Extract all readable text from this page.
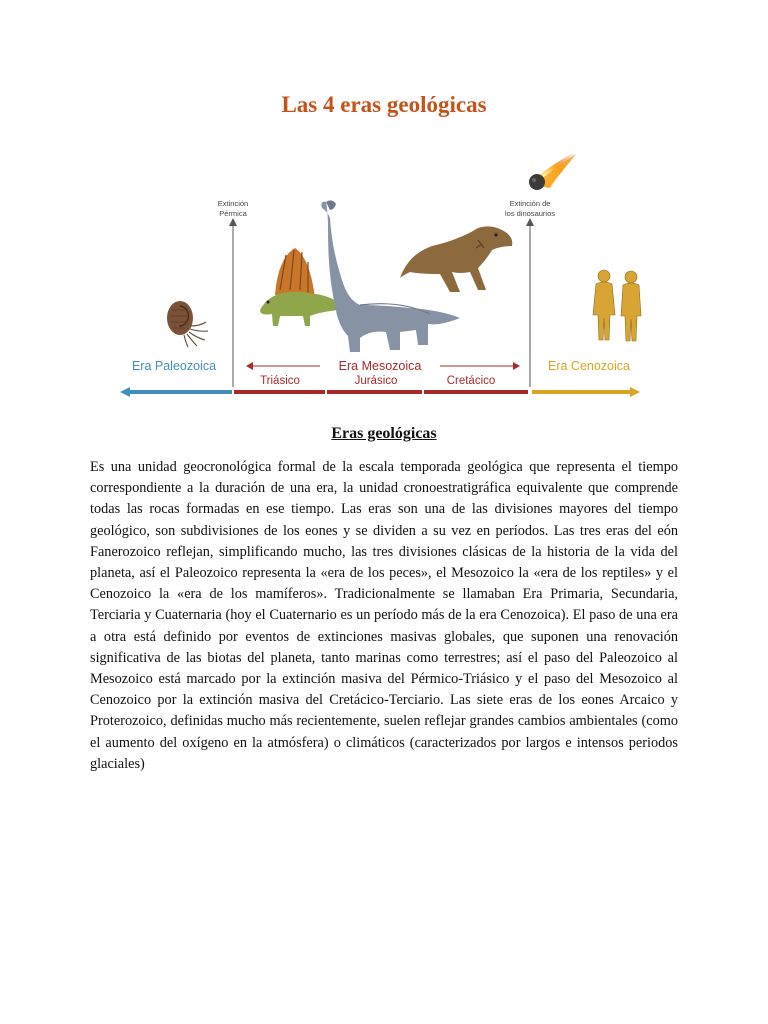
Las 4 eras geológicas
Extinción
Pérmica
Extinción de
los dinosaurios
Era Paleozoica	Era Mesozoica	Era Cenozoica
Triásico	Jurásico	Cretácico
Eras geológicas

Es una unidad geocronológica formal de la escala temporada geológica que representa el tiempo correspondiente a la duración de una era, la unidad cronoestratigráfica equivalente que comprende todas las rocas formadas en ese tiempo. Las eras son una de las divisiones mayores del tiempo geológico, son subdivisiones de los eones y se dividen a su vez en períodos. Las tres eras del eón Fanerozoico reflejan, simplificando mucho, las tres divisiones clásicas de la historia de la vida del planeta, así el Paleozoico representa la «era de los peces», el Mesozoico la «era de los reptiles» y el Cenozoico la «era de los mamíferos». Tradicionalmente se llamaban Era Primaria, Secundaria, Terciaria y Cuaternaria (hoy el Cuaternario es un período más de la era Cenozoica). El paso de una era a otra está definido por eventos de extinciones masivas globales, que suponen una renovación significativa de las biotas del planeta, tanto marinas como terrestres; así el paso del Paleozoico al Mesozoico está marcado por la extinción masiva del Pérmico-Triásico y el paso del Mesozoico al Cenozoico por la extinción masiva del Cretácico-Terciario. Las siete eras de los eones Arcaico y Proterozoico, definidas mucho más recientemente, suelen reflejar grandes cambios ambientales (como el aumento del oxígeno en la atmósfera) o climáticos (caracterizados por largos e intensos periodos glaciales)
